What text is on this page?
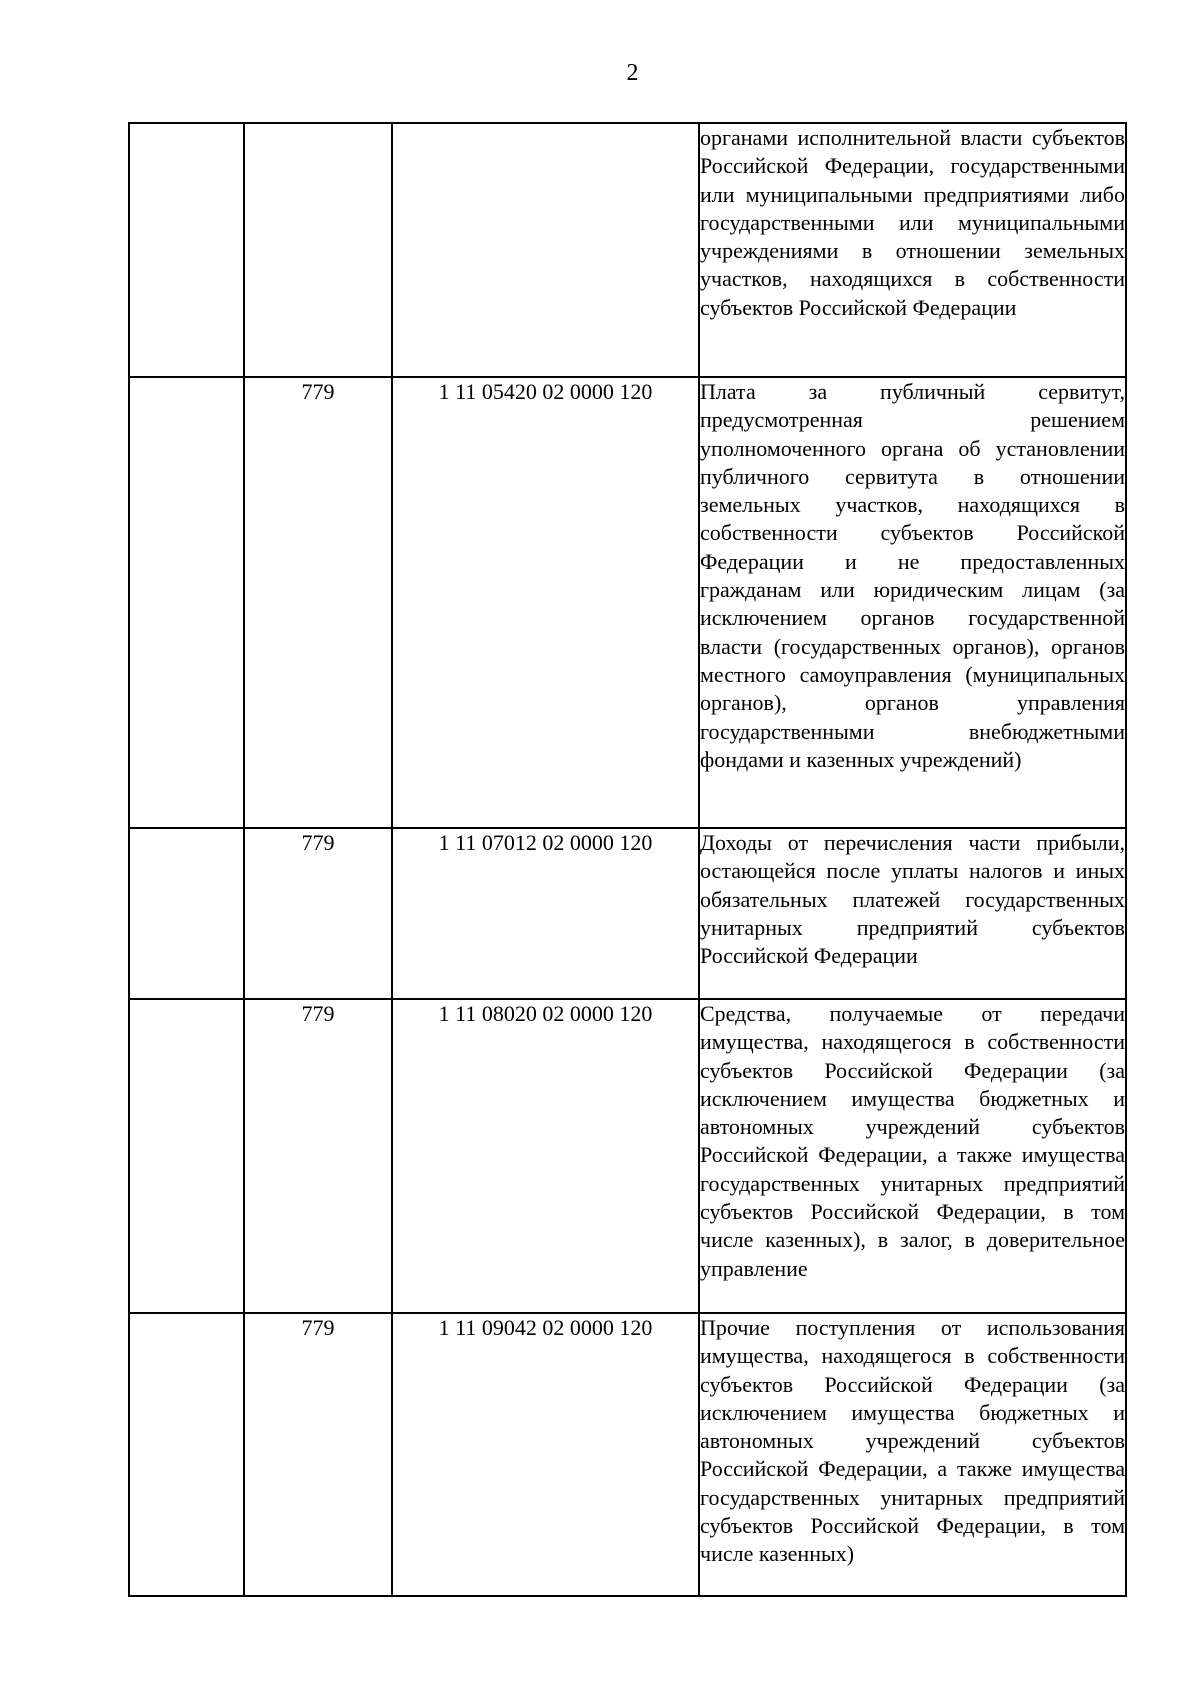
2
			органами исполнительной власти субъектов Российской Федерации, государственными или муниципальными предприятиями либо государственными или муниципальными учреждениями в отношении земельных участков, находящихся в собственности субъектов Российской Федерации
	779	1 11 05420 02 0000 120	Плата за публичный сервитут, предусмотренная решением уполномоченного органа об установлении публичного сервитута в отношении земельных участков, находящихся в собственности субъектов Российской Федерации и не предоставленных гражданам или юридическим лицам (за исключением органов государственной власти (государственных органов), органов местного самоуправления (муниципальных органов), органов управления государственными внебюджетными фондами и казенных учреждений)
	779	1 11 07012 02 0000 120	Доходы от перечисления части прибыли, остающейся после уплаты налогов и иных обязательных платежей государственных унитарных предприятий субъектов Российской Федерации
	779	1 11 08020 02 0000 120	Средства, получаемые от передачи имущества, находящегося в собственности субъектов Российской Федерации (за исключением имущества бюджетных и автономных учреждений субъектов Российской Федерации, а также имущества государственных унитарных предприятий субъектов Российской Федерации, в том числе казенных), в залог, в доверительное управление
	779	1 11 09042 02 0000 120	Прочие поступления от использования имущества, находящегося в собственности субъектов Российской Федерации (за исключением имущества бюджетных и автономных учреждений субъектов Российской Федерации, а также имущества государственных унитарных предприятий субъектов Российской Федерации, в том числе казенных)
